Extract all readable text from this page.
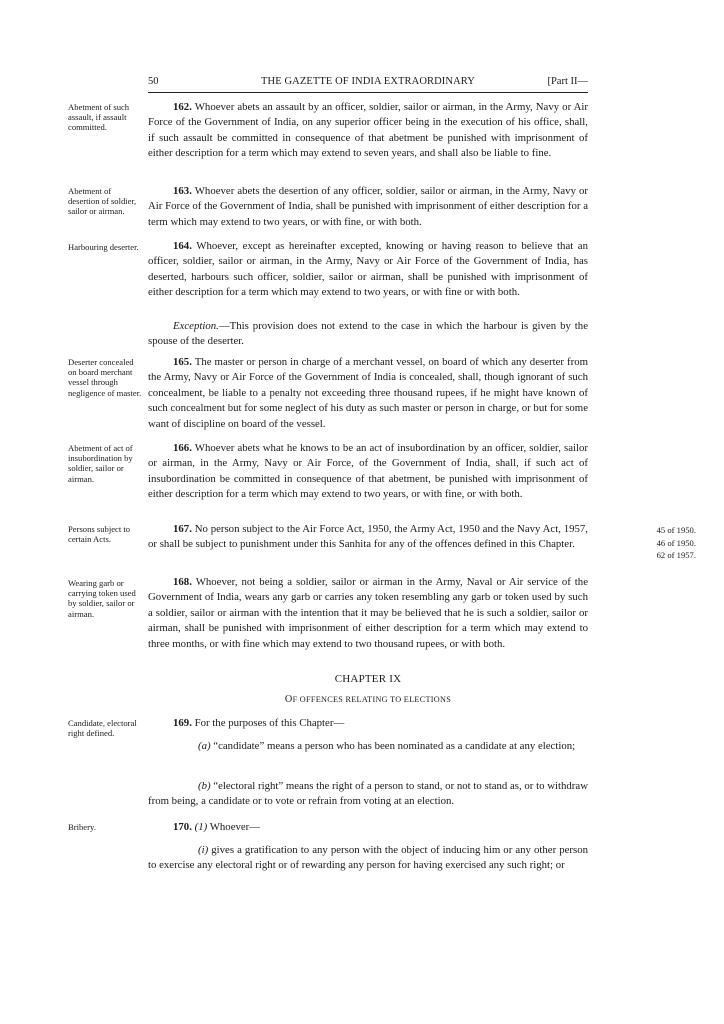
50	THE GAZETTE OF INDIA EXTRAORDINARY	[Part II—
Abetment of such assault, if assault committed.
Abetment of desertion of soldier, sailor or airman.
Harbouring deserter.
Deserter concealed on board merchant vessel through negligence of master.
Abetment of act of insubordination by soldier, sailor or airman.
Persons subject to certain Acts.
Wearing garb or carrying token used by soldier, sailor or airman.
Candidate, electoral right defined.
Bribery.
45 of 1950.
46 of 1950.
62 of 1957.
162. Whoever abets an assault by an officer, soldier, sailor or airman, in the Army, Navy or Air Force of the Government of India, on any superior officer being in the execution of his office, shall, if such assault be committed in consequence of that abetment be punished with imprisonment of either description for a term which may extend to seven years, and shall also be liable to fine.
163. Whoever abets the desertion of any officer, soldier, sailor or airman, in the Army, Navy or Air Force of the Government of India, shall be punished with imprisonment of either description for a term which may extend to two years, or with fine, or with both.
164. Whoever, except as hereinafter excepted, knowing or having reason to believe that an officer, soldier, sailor or airman, in the Army, Navy or Air Force of the Government of India, has deserted, harbours such officer, soldier, sailor or airman, shall be punished with imprisonment of either description for a term which may extend to two years, or with fine or with both.
Exception.—This provision does not extend to the case in which the harbour is given by the spouse of the deserter.
165. The master or person in charge of a merchant vessel, on board of which any deserter from the Army, Navy or Air Force of the Government of India is concealed, shall, though ignorant of such concealment, be liable to a penalty not exceeding three thousand rupees, if he might have known of such concealment but for some neglect of his duty as such master or person in charge, or but for some want of discipline on board of the vessel.
166. Whoever abets what he knows to be an act of insubordination by an officer, soldier, sailor or airman, in the Army, Navy or Air Force, of the Government of India, shall, if such act of insubordination be committed in consequence of that abetment, be punished with imprisonment of either description for a term which may extend to two years, or with fine, or with both.
167. No person subject to the Air Force Act, 1950, the Army Act, 1950 and the Navy Act, 1957, or shall be subject to punishment under this Sanhita for any of the offences defined in this Chapter.
168. Whoever, not being a soldier, sailor or airman in the Army, Naval or Air service of the Government of India, wears any garb or carries any token resembling any garb or token used by such a soldier, sailor or airman with the intention that it may be believed that he is such a soldier, sailor or airman, shall be punished with imprisonment of either description for a term which may extend to three months, or with fine which may extend to two thousand rupees, or with both.
CHAPTER IX
OF OFFENCES RELATING TO ELECTIONS
169. For the purposes of this Chapter—
(a) “candidate” means a person who has been nominated as a candidate at any election;
(b) “electoral right” means the right of a person to stand, or not to stand as, or to withdraw from being, a candidate or to vote or refrain from voting at an election.
170. (1) Whoever—
(i) gives a gratification to any person with the object of inducing him or any other person to exercise any electoral right or of rewarding any person for having exercised any such right; or
